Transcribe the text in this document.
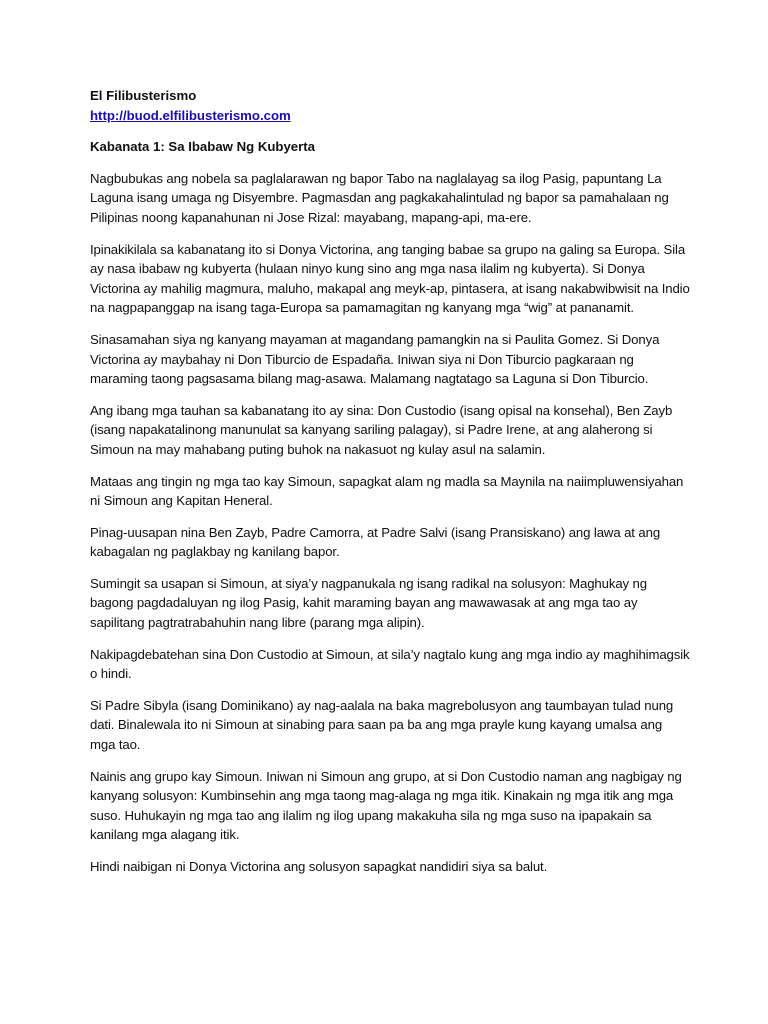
El Filibusterismo

http://buod.elfilibusterismo.com

Kabanata 1: Sa Ibabaw Ng Kubyerta

Nagbubukas ang nobela sa paglalarawan ng bapor Tabo na naglalayag sa ilog Pasig, papuntang La Laguna isang umaga ng Disyembre. Pagmasdan ang pagkakahalintulad ng bapor sa pamahalaan ng Pilipinas noong kapanahunan ni Jose Rizal: mayabang, mapang-api, ma-ere.

Ipinakikilala sa kabanatang ito si Donya Victorina, ang tanging babae sa grupo na galing sa Europa. Sila ay nasa ibabaw ng kubyerta (hulaan ninyo kung sino ang mga nasa ilalim ng kubyerta). Si Donya Victorina ay mahilig magmura, maluho, makapal ang meyk-ap, pintasera, at isang nakabwibwisit na Indio na nagpapanggap na isang taga-Europa sa pamamagitan ng kanyang mga “wig” at pananamit.

Sinasamahan siya ng kanyang mayaman at magandang pamangkin na si Paulita Gomez. Si Donya Victorina ay maybahay ni Don Tiburcio de Espadaña. Iniwan siya ni Don Tiburcio pagkaraan ng maraming taong pagsasama bilang mag-asawa. Malamang nagtatago sa Laguna si Don Tiburcio.

Ang ibang mga tauhan sa kabanatang ito ay sina: Don Custodio (isang opisal na konsehal), Ben Zayb (isang napakatalinong manunulat sa kanyang sariling palagay), si Padre Irene, at ang alaherong si Simoun na may mahabang puting buhok na nakasuot ng kulay asul na salamin.

Mataas ang tingin ng mga tao kay Simoun, sapagkat alam ng madla sa Maynila na naiimpluwensiyahan ni Simoun ang Kapitan Heneral.

Pinag-uusapan nina Ben Zayb, Padre Camorra, at Padre Salvi (isang Pransiskano) ang lawa at ang kabagalan ng paglakbay ng kanilang bapor.

Sumingit sa usapan si Simoun, at siya’y nagpanukala ng isang radikal na solusyon: Maghukay ng bagong pagdadaluyan ng ilog Pasig, kahit maraming bayan ang mawawasak at ang mga tao ay sapilitang pagtratrabahuhin nang libre (parang mga alipin).

Nakipagdebatehan sina Don Custodio at Simoun, at sila’y nagtalo kung ang mga indio ay maghihimagsik o hindi.

Si Padre Sibyla (isang Dominikano) ay nag-aalala na baka magrebolusyon ang taumbayan tulad nung dati. Binalewala ito ni Simoun at sinabing para saan pa ba ang mga prayle kung kayang umalsa ang mga tao.

Nainis ang grupo kay Simoun. Iniwan ni Simoun ang grupo, at si Don Custodio naman ang nagbigay ng kanyang solusyon: Kumbinsehin ang mga taong mag-alaga ng mga itik. Kinakain ng mga itik ang mga suso. Huhukayin ng mga tao ang ilalim ng ilog upang makakuha sila ng mga suso na ipapakain sa kanilang mga alagang itik.

Hindi naibigan ni Donya Victorina ang solusyon sapagkat nandidiri siya sa balut.
